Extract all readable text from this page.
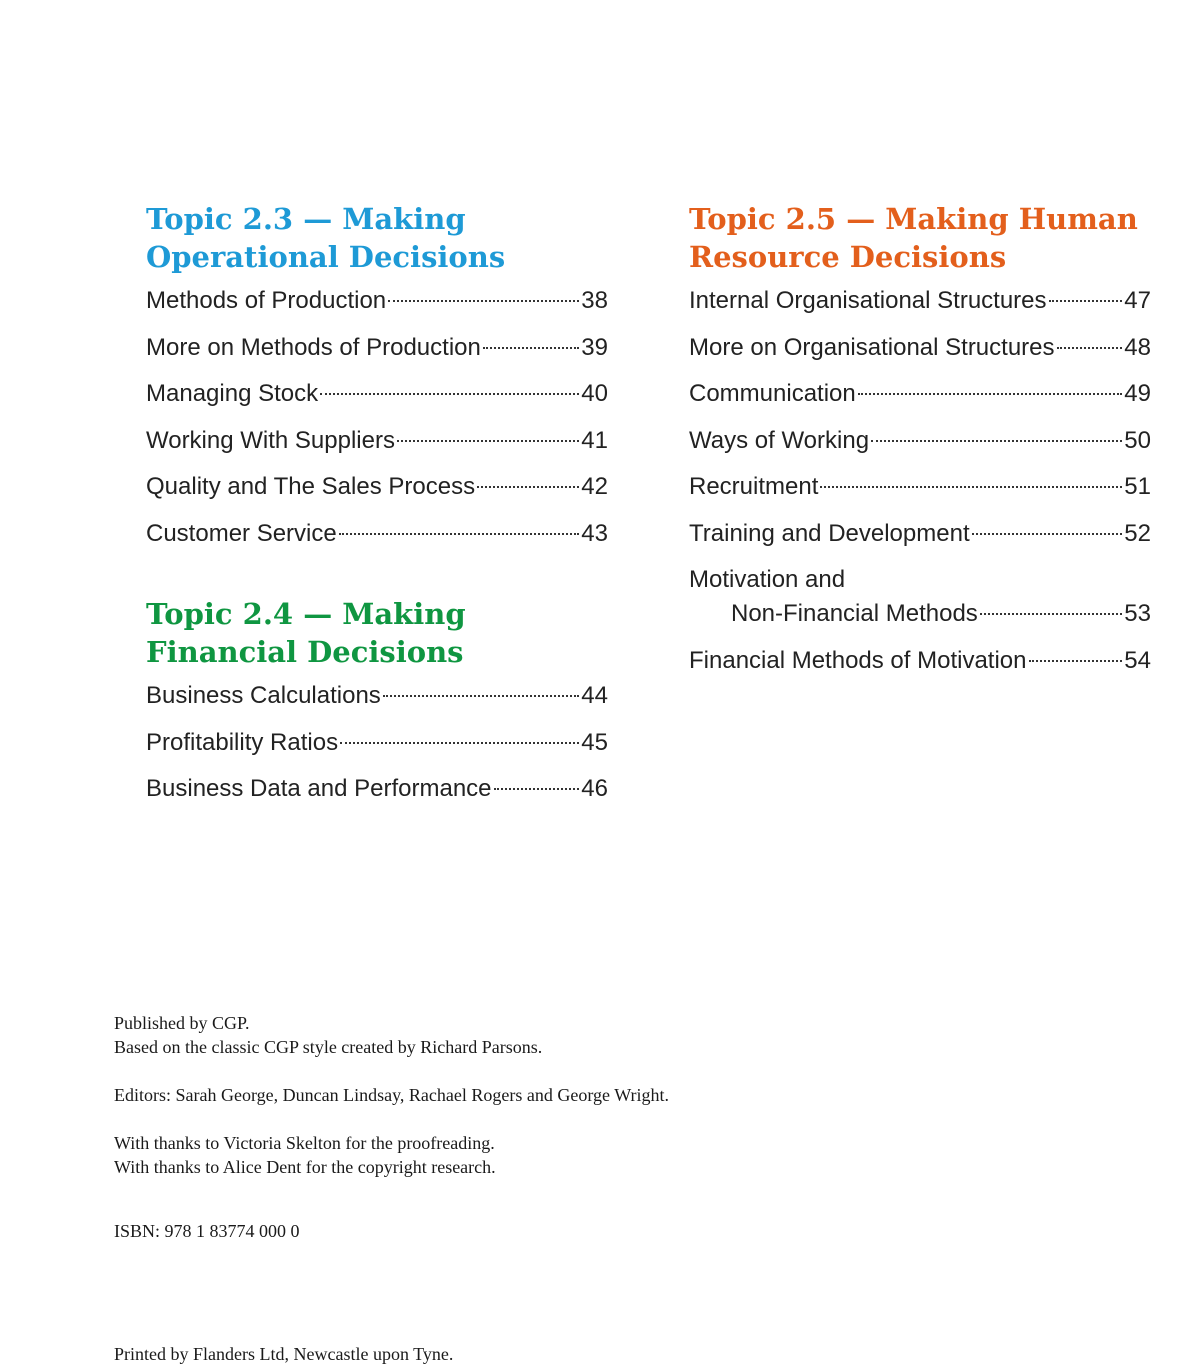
Topic 2.3 — Making
Operational Decisions
Methods of Production	38
More on Methods of Production	39
Managing Stock	40
Working With Suppliers	41
Quality and The Sales Process	42
Customer Service	43
Topic 2.4 — Making
Financial Decisions
Business Calculations	44
Profitability Ratios	45
Business Data and Performance	46
Topic 2.5 — Making Human
Resource Decisions
Internal Organisational Structures	47
More on Organisational Structures	48
Communication	49
Ways of Working	50
Recruitment	51
Training and Development	52
Motivation and
Non-Financial Methods	53
Financial Methods of Motivation	54

Published by CGP.

Based on the classic CGP style created by Richard Parsons.

Editors: Sarah George, Duncan Lindsay, Rachael Rogers and George Wright.

With thanks to Victoria Skelton for the proofreading.

With thanks to Alice Dent for the copyright research.

ISBN: 978 1 83774 000 0

Printed by Flanders Ltd, Newcastle upon Tyne.
